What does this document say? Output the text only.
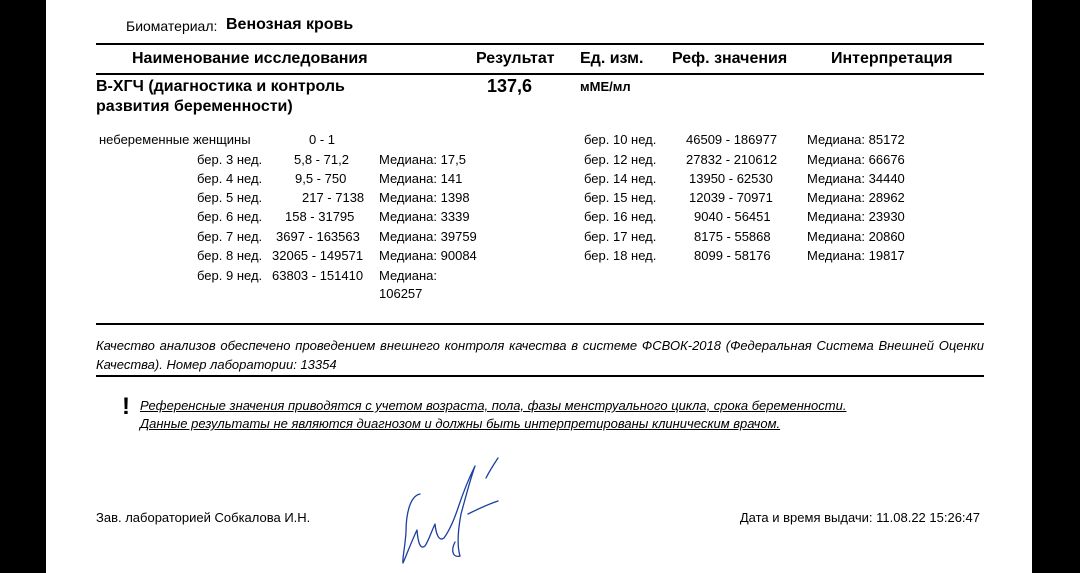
Биоматериал: Венозная кровь
Наименование исследования	Результат Ед. изм. Реф. значения	Интерпретация
В-ХГЧ (диагностика и контроль развития беременности)
137,6	мМЕ/мл
небеременные женщины	0 - 1
бер. 3 нед. 5,8 - 71,2 Медиана: 17,5
бер. 4 нед.	9,5 - 750	Медиана: 141
бер. 5 нед.	217 - 7138 Медиана: 1398
бер. 6 нед. 158 - 31795 Медиана: 3339
бер. 7 нед. 3697 - 163563 Медиана: 39759
бер. 8 нед. 32065 - 149571 Медиана: 90084
бер. 9 нед. 63803 - 151410 Медиана:
106257
бер. 10 нед. 46509 - 186977 Медиана: 85172
бер. 12 нед. 27832 - 210612 Медиана: 66676
бер. 14 нед.	13950 - 62530	Медиана: 34440
бер. 15 нед.	12039 - 70971	Медиана: 28962
бер. 16 нед.	9040 - 56451	Медиана: 23930
бер. 17 нед.	8175 - 55868	Медиана: 20860
бер. 18 нед.	8099 - 58176	Медиана: 19817
Качество анализов обеспечено проведением внешнего контроля качества в системе ФСВОК-2018 (Федеральная Система Внешней Оценки Качества). Номер лаборатории: 13354
! Референсные значения приводятся с учетом возраста, пола, фазы менструального цикла, срока беременности.
Данные результаты не являются диагнозом и должны быть интерпретированы клиническим врачом.
Зав. лабораторией Собкалова И.Н.	Дата и время выдачи: 11.08.22 15:26:47
